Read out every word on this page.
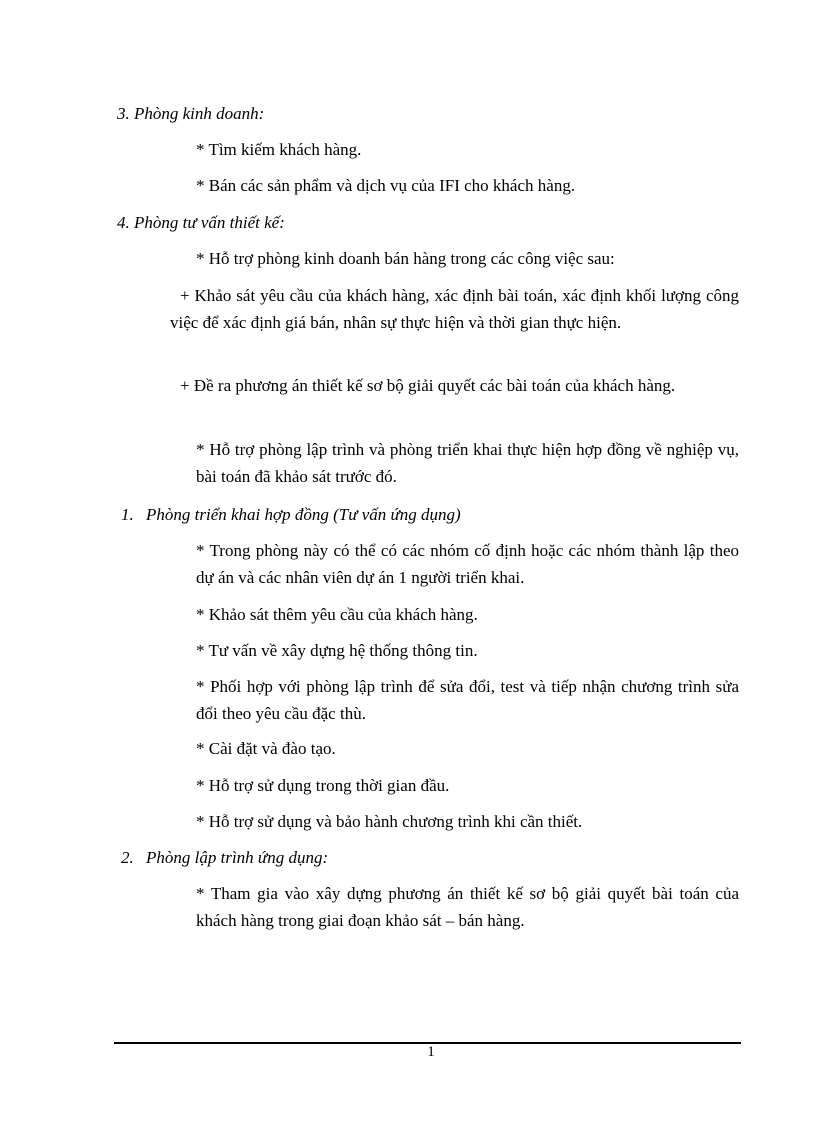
3. Phòng kinh doanh:
* Tìm kiếm khách hàng.
* Bán các sản phẩm và dịch vụ của IFI cho khách hàng.
4. Phòng tư vấn thiết kế:
* Hỗ trợ phòng kinh doanh bán hàng trong các công việc sau:
+ Khảo sát yêu cầu của khách hàng, xác định bài toán, xác định khối lượng công việc để xác định giá bán, nhân sự thực hiện và thời gian thực hiện.
+ Đề ra phương án thiết kế sơ bộ giải quyết các bài toán của khách hàng.
* Hỗ trợ phòng lập trình và phòng triển khai thực hiện hợp đồng về nghiệp vụ, bài toán đã khảo sát trước đó.
1. Phòng triển khai hợp đồng (Tư vấn ứng dụng)
* Trong phòng này có thể có các nhóm cố định hoặc các nhóm thành lập theo dự án và các nhân viên dự án 1 người triển khai.
* Khảo sát thêm yêu cầu của khách hàng.
* Tư vấn về xây dựng hệ thống thông tin.
* Phối hợp với phòng lập trình để sửa đổi, test và tiếp nhận chương trình sửa đổi theo yêu cầu đặc thù.
* Cài đặt và đào tạo.
* Hỗ trợ sử dụng trong thời gian đầu.
* Hỗ trợ sử dụng và bảo hành chương trình khi cần thiết.
2. Phòng lập trình ứng dụng:
* Tham gia vào xây dựng phương án thiết kế sơ bộ giải quyết bài toán của khách hàng trong giai đoạn khảo sát – bán hàng.
1
